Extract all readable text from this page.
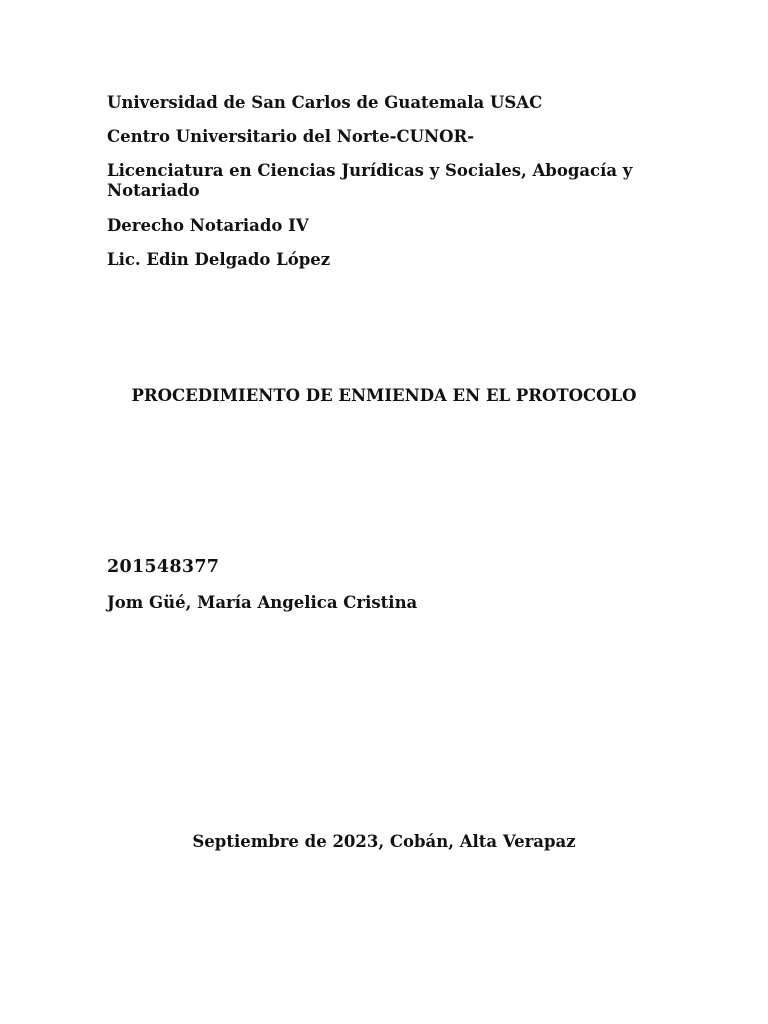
Universidad de San Carlos de Guatemala USAC
Centro Universitario del Norte-CUNOR-
Licenciatura en Ciencias Jurídicas y Sociales, Abogacía y Notariado
Derecho Notariado IV
Lic. Edin Delgado López
PROCEDIMIENTO DE ENMIENDA EN EL PROTOCOLO
201548377
Jom Güé, María Angelica Cristina
Septiembre de 2023, Cobán, Alta Verapaz
